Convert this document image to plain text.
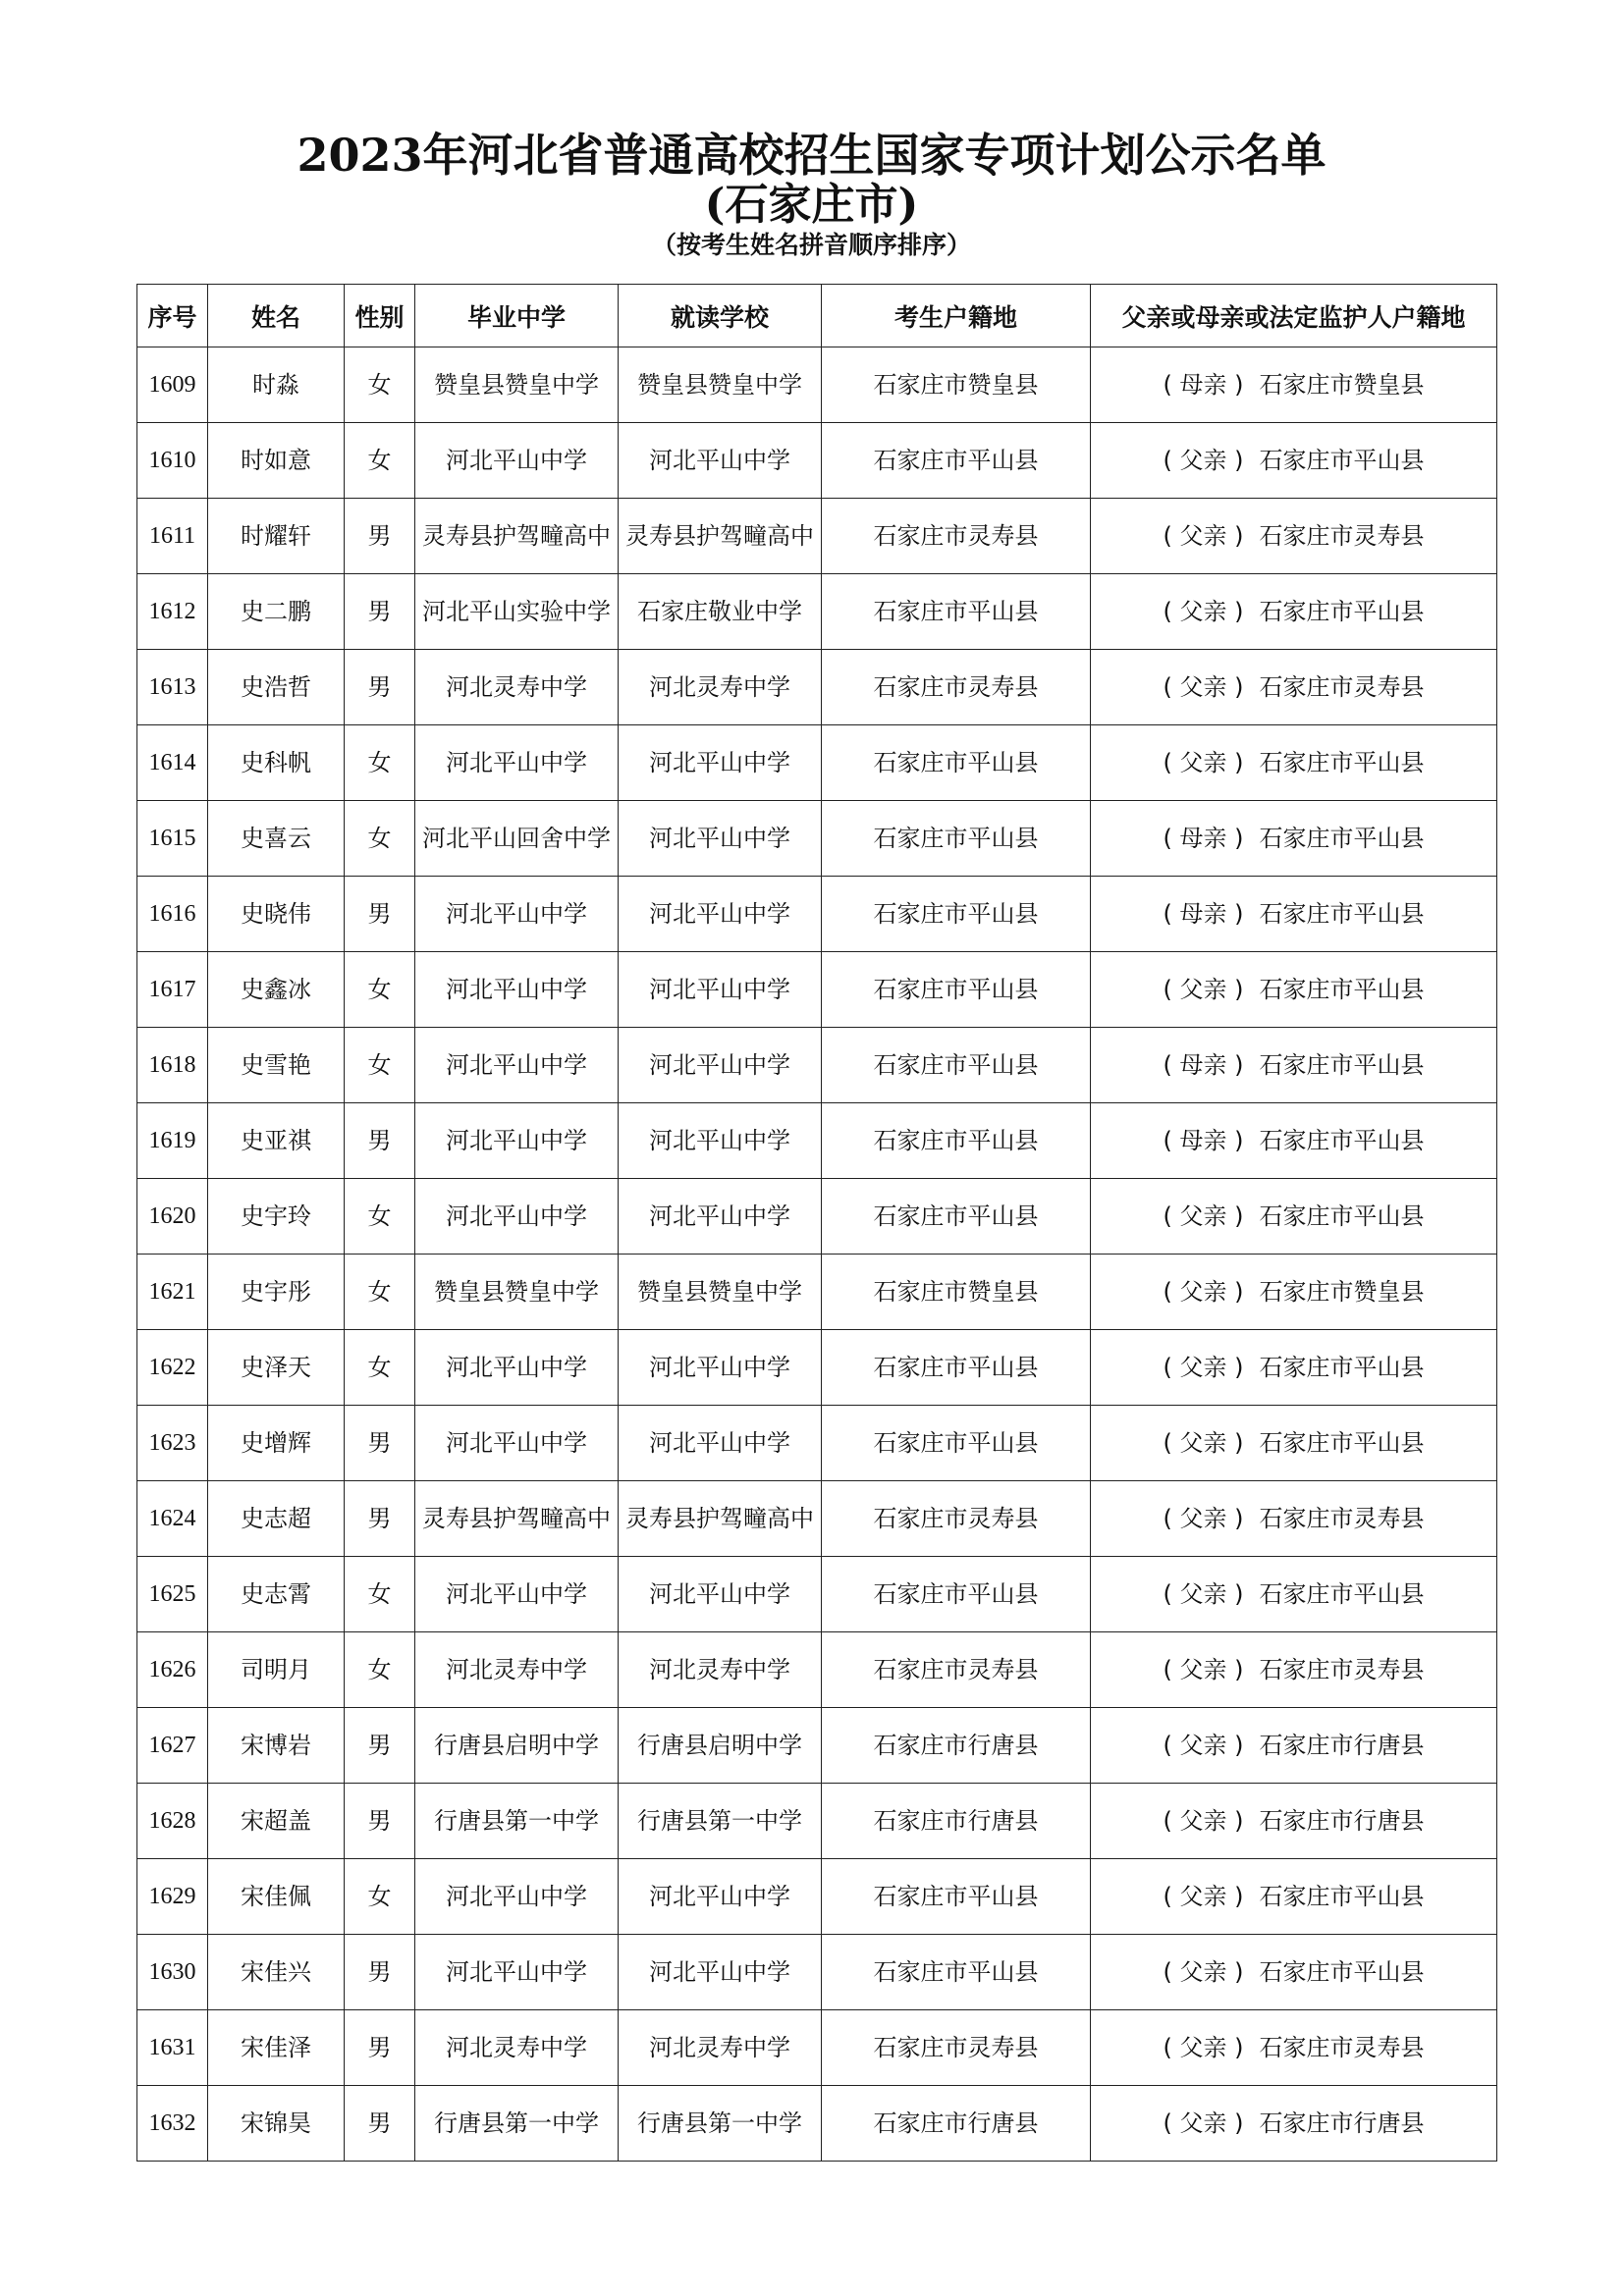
2023年河北省普通高校招生国家专项计划公示名单
(石家庄市)
（按考生姓名拼音顺序排序）
序号	姓名	性别	毕业中学	就读学校	考生户籍地	父亲或母亲或法定监护人户籍地
1609	时淼	女	赞皇县赞皇中学	赞皇县赞皇中学	石家庄市赞皇县	( 母亲 ) 石家庄市赞皇县
1610	时如意	女	河北平山中学	河北平山中学	石家庄市平山县	( 父亲 ) 石家庄市平山县
1611	时耀轩	男	灵寿县护驾疃高中	灵寿县护驾疃高中	石家庄市灵寿县	( 父亲 ) 石家庄市灵寿县
1612	史二鹏	男	河北平山实验中学	石家庄敬业中学	石家庄市平山县	( 父亲 ) 石家庄市平山县
1613	史浩哲	男	河北灵寿中学	河北灵寿中学	石家庄市灵寿县	( 父亲 ) 石家庄市灵寿县
1614	史科帆	女	河北平山中学	河北平山中学	石家庄市平山县	( 父亲 ) 石家庄市平山县
1615	史喜云	女	河北平山回舍中学	河北平山中学	石家庄市平山县	( 母亲 ) 石家庄市平山县
1616	史晓伟	男	河北平山中学	河北平山中学	石家庄市平山县	( 母亲 ) 石家庄市平山县
1617	史鑫冰	女	河北平山中学	河北平山中学	石家庄市平山县	( 父亲 ) 石家庄市平山县
1618	史雪艳	女	河北平山中学	河北平山中学	石家庄市平山县	( 母亲 ) 石家庄市平山县
1619	史亚祺	男	河北平山中学	河北平山中学	石家庄市平山县	( 母亲 ) 石家庄市平山县
1620	史宇玲	女	河北平山中学	河北平山中学	石家庄市平山县	( 父亲 ) 石家庄市平山县
1621	史宇彤	女	赞皇县赞皇中学	赞皇县赞皇中学	石家庄市赞皇县	( 父亲 ) 石家庄市赞皇县
1622	史泽天	女	河北平山中学	河北平山中学	石家庄市平山县	( 父亲 ) 石家庄市平山县
1623	史增辉	男	河北平山中学	河北平山中学	石家庄市平山县	( 父亲 ) 石家庄市平山县
1624	史志超	男	灵寿县护驾疃高中	灵寿县护驾疃高中	石家庄市灵寿县	( 父亲 ) 石家庄市灵寿县
1625	史志霄	女	河北平山中学	河北平山中学	石家庄市平山县	( 父亲 ) 石家庄市平山县
1626	司明月	女	河北灵寿中学	河北灵寿中学	石家庄市灵寿县	( 父亲 ) 石家庄市灵寿县
1627	宋博岩	男	行唐县启明中学	行唐县启明中学	石家庄市行唐县	( 父亲 ) 石家庄市行唐县
1628	宋超盖	男	行唐县第一中学	行唐县第一中学	石家庄市行唐县	( 父亲 ) 石家庄市行唐县
1629	宋佳佩	女	河北平山中学	河北平山中学	石家庄市平山县	( 父亲 ) 石家庄市平山县
1630	宋佳兴	男	河北平山中学	河北平山中学	石家庄市平山县	( 父亲 ) 石家庄市平山县
1631	宋佳泽	男	河北灵寿中学	河北灵寿中学	石家庄市灵寿县	( 父亲 ) 石家庄市灵寿县
1632	宋锦昊	男	行唐县第一中学	行唐县第一中学	石家庄市行唐县	( 父亲 ) 石家庄市行唐县
